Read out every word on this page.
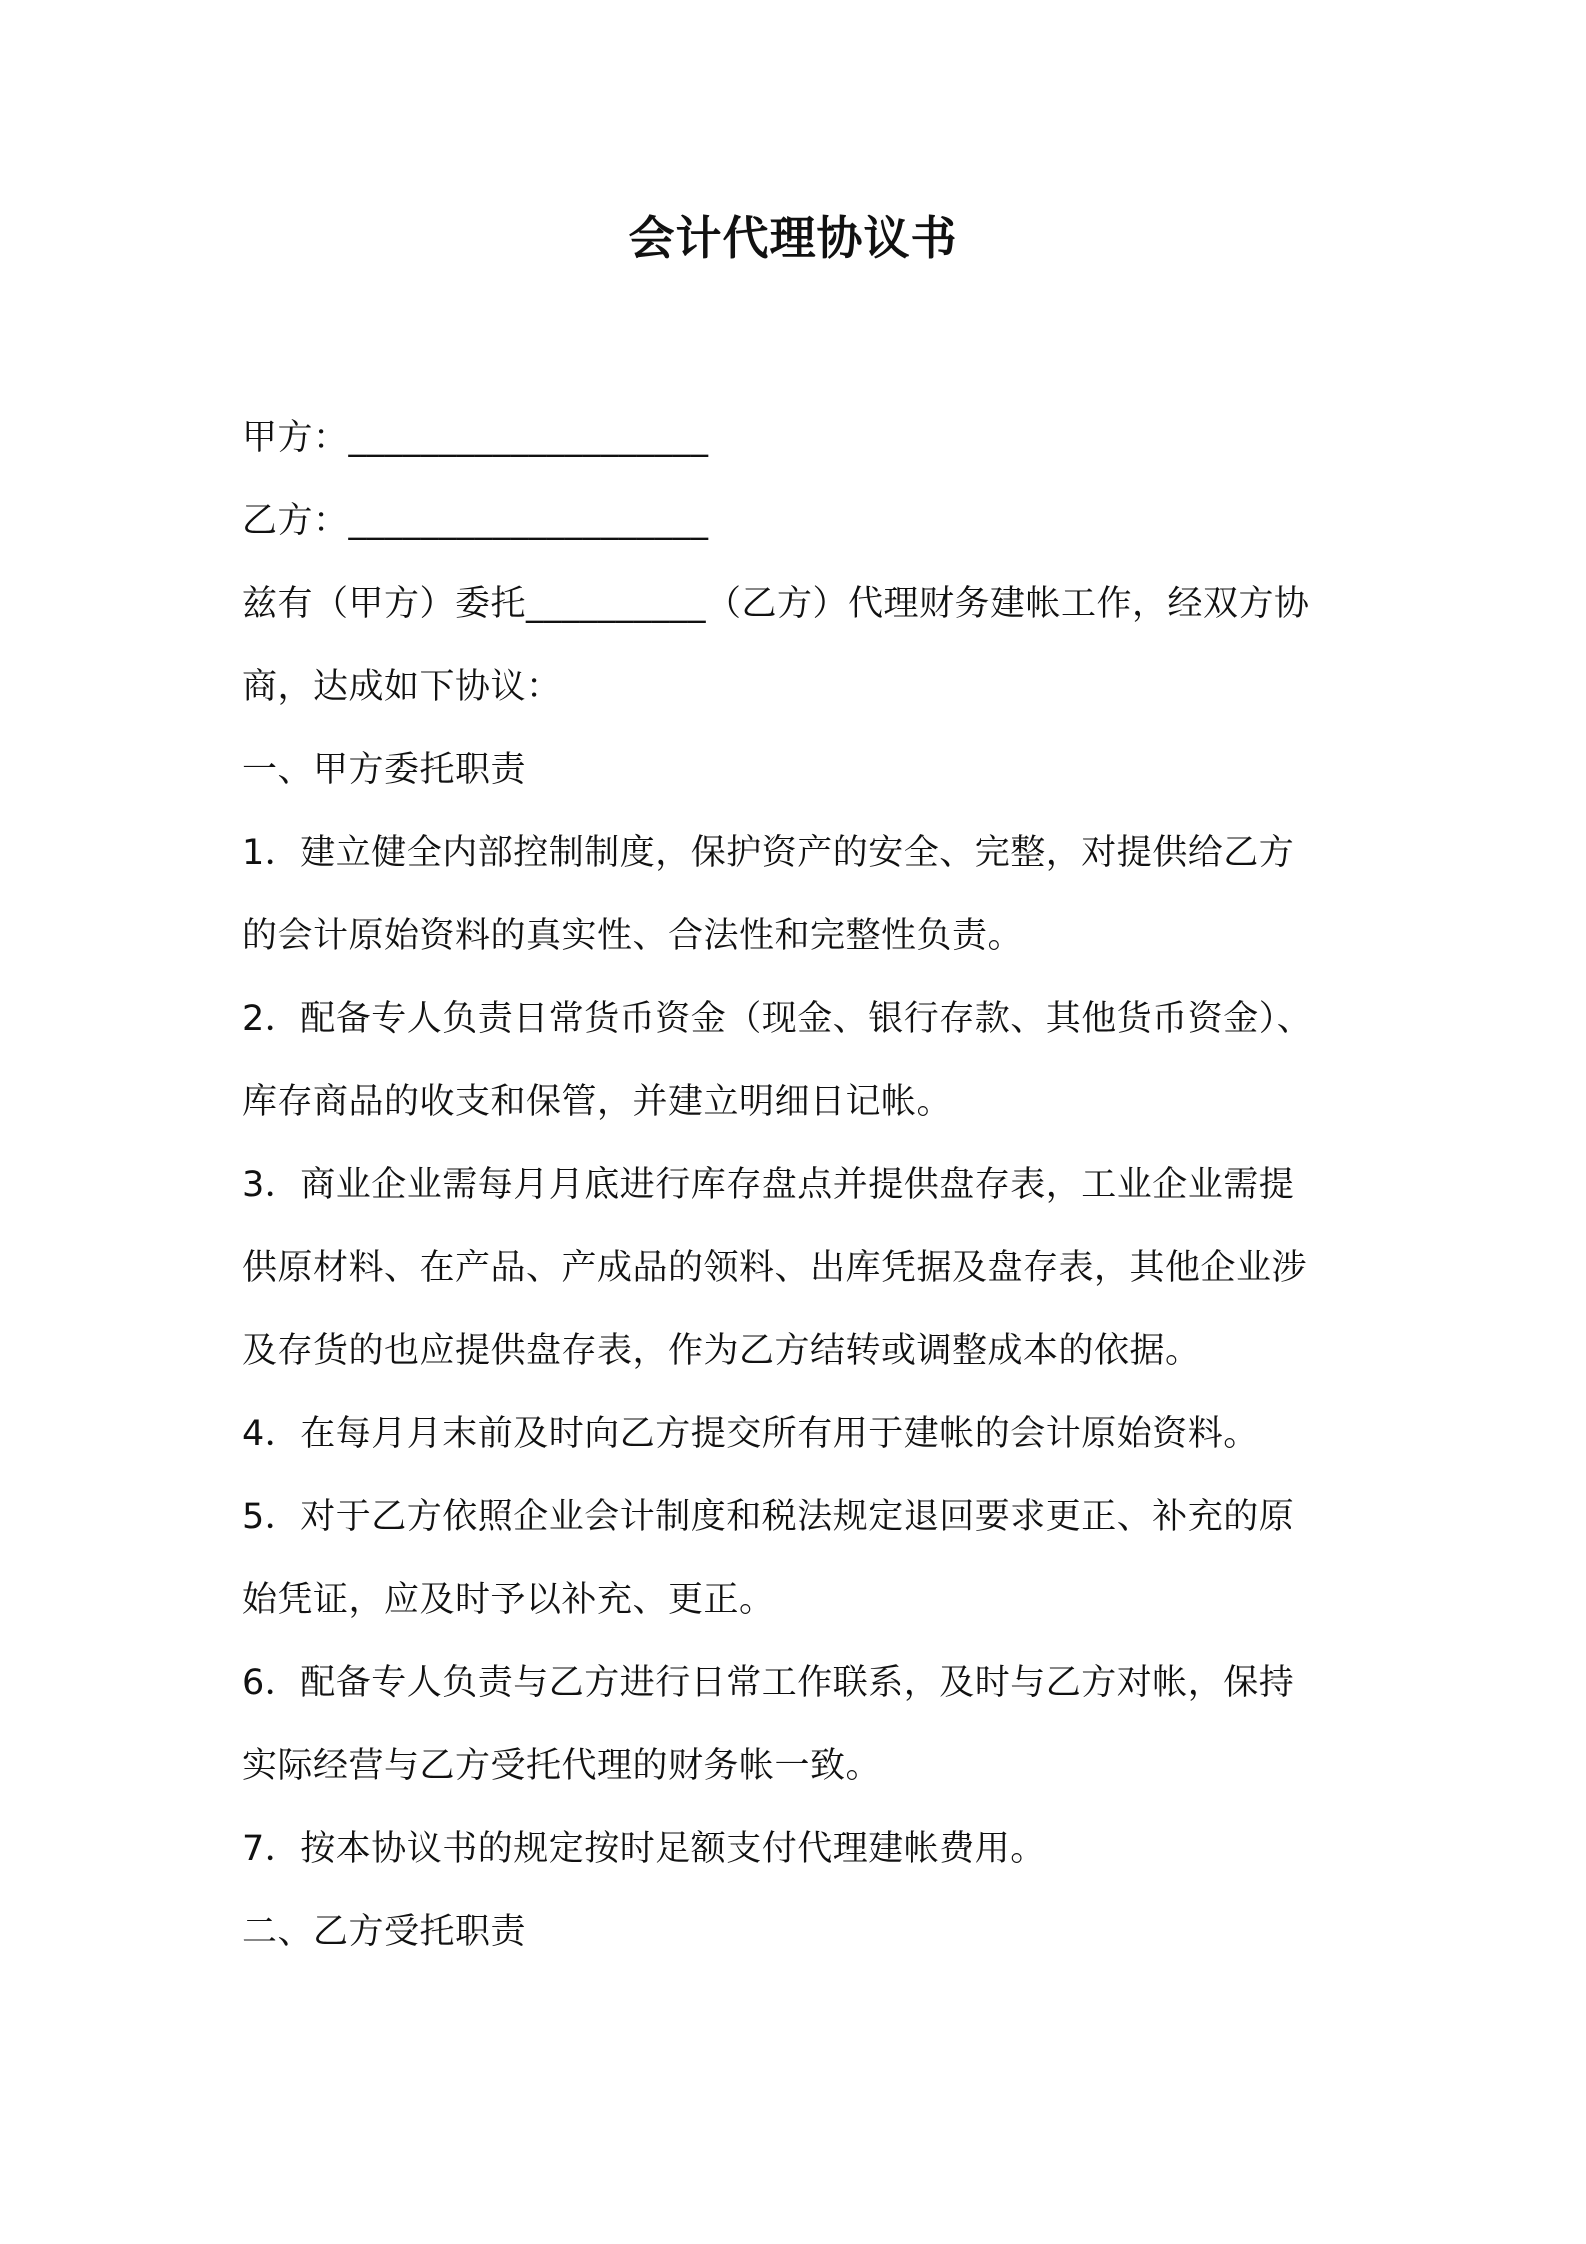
会计代理协议书
甲方：____________________
乙方：____________________
兹有（甲方）委托__________（乙方）代理财务建帐工作，经双方协
商，达成如下协议：
一、甲方委托职责
1．建立健全内部控制制度，保护资产的安全、完整，对提供给乙方
的会计原始资料的真实性、合法性和完整性负责。
2．配备专人负责日常货币资金（现金、银行存款、其他货币资金）、
库存商品的收支和保管，并建立明细日记帐。
3．商业企业需每月月底进行库存盘点并提供盘存表，工业企业需提
供原材料、在产品、产成品的领料、出库凭据及盘存表，其他企业涉
及存货的也应提供盘存表，作为乙方结转或调整成本的依据。
4．在每月月末前及时向乙方提交所有用于建帐的会计原始资料。
5．对于乙方依照企业会计制度和税法规定退回要求更正、补充的原
始凭证，应及时予以补充、更正。
6．配备专人负责与乙方进行日常工作联系，及时与乙方对帐，保持
实际经营与乙方受托代理的财务帐一致。
7．按本协议书的规定按时足额支付代理建帐费用。
二、乙方受托职责
